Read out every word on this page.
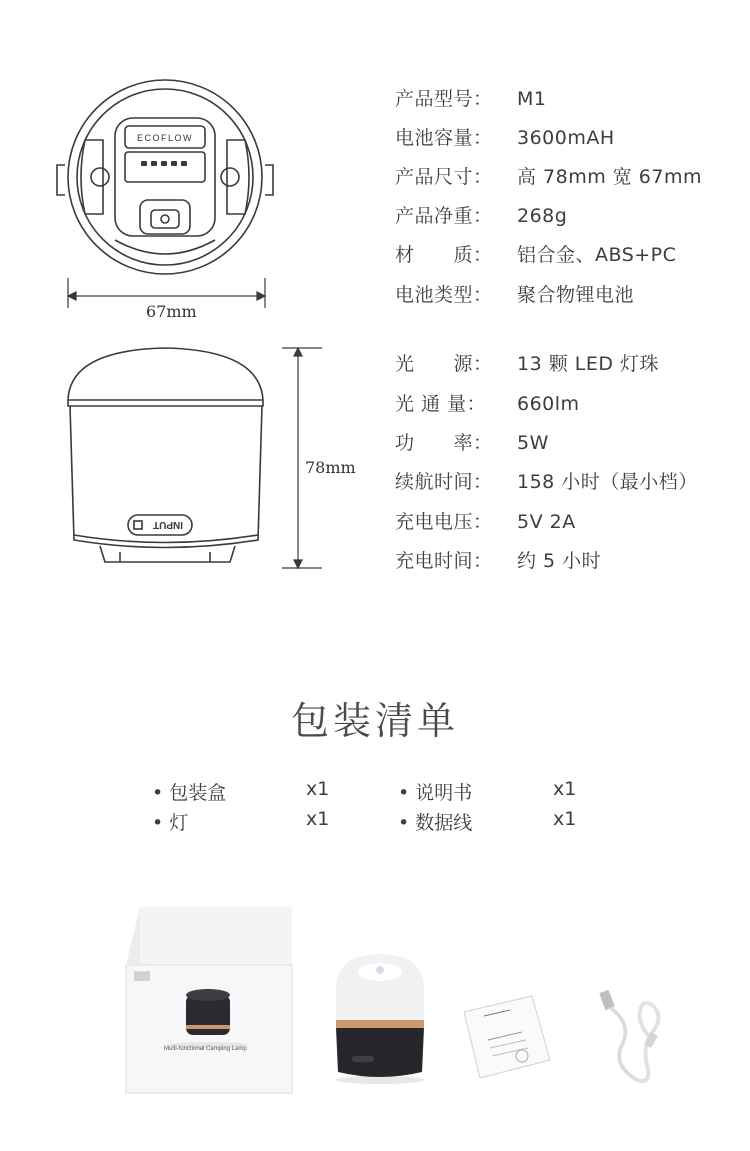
ECOFLOW
67mm
INPUT
78mm
产品型号： M1
电池容量： 3600mAH
产品尺寸： 高 78mm 宽 67mm
产品净重： 268g
材　　质： 铝合金、ABS+PC
电池类型： 聚合物锂电池
光　　源： 13 颗 LED 灯珠
光 通 量： 660lm
功　　率： 5W
续航时间： 158 小时（最小档）
充电电压： 5V 2A
充电时间： 约 5 小时
包装清单
• 包装盒	x1	• 说明书	x1
• 灯	x1	• 数据线	x1
M1
Multi-functional Camping Lamp
